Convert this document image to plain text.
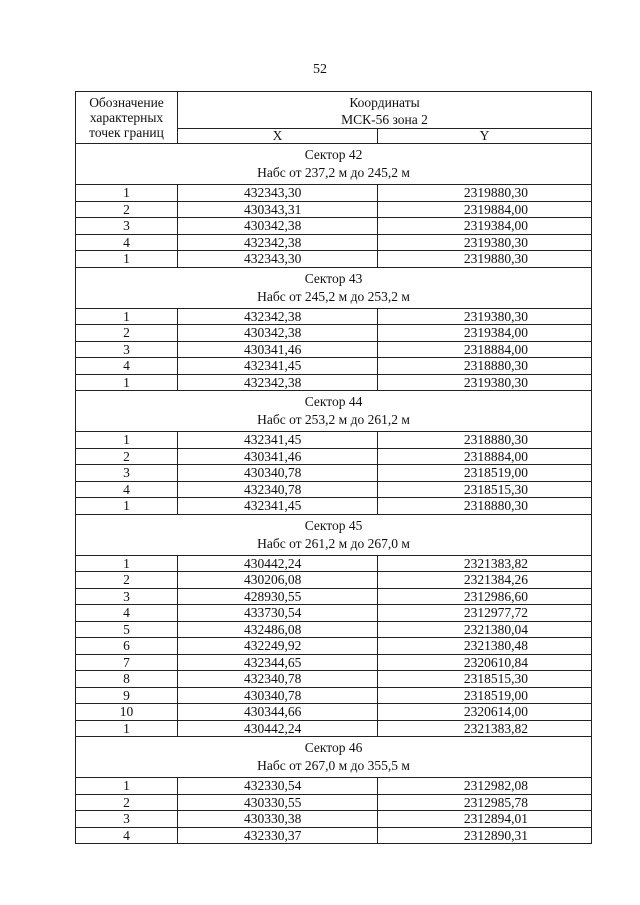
52
Обозначение
характерных
точек границ	Координаты
МСК-56 зона 2	
	X	Y
Сектор 42
Набс от 237,2 м до 245,2 м		
1	432343,30	2319880,30
2	430343,31	2319884,00
3	430342,38	2319384,00
4	432342,38	2319380,30
1	432343,30	2319880,30
Сектор 43
Набс от 245,2 м до 253,2 м		
1	432342,38	2319380,30
2	430342,38	2319384,00
3	430341,46	2318884,00
4	432341,45	2318880,30
1	432342,38	2319380,30
Сектор 44
Набс от 253,2 м до 261,2 м		
1	432341,45	2318880,30
2	430341,46	2318884,00
3	430340,78	2318519,00
4	432340,78	2318515,30
1	432341,45	2318880,30
Сектор 45
Набс от 261,2 м до 267,0 м		
1	430442,24	2321383,82
2	430206,08	2321384,26
3	428930,55	2312986,60
4	433730,54	2312977,72
5	432486,08	2321380,04
6	432249,92	2321380,48
7	432344,65	2320610,84
8	432340,78	2318515,30
9	430340,78	2318519,00
10	430344,66	2320614,00
1	430442,24	2321383,82
Сектор 46
Набс от 267,0 м до 355,5 м		
1	432330,54	2312982,08
2	430330,55	2312985,78
3	430330,38	2312894,01
4	432330,37	2312890,31
